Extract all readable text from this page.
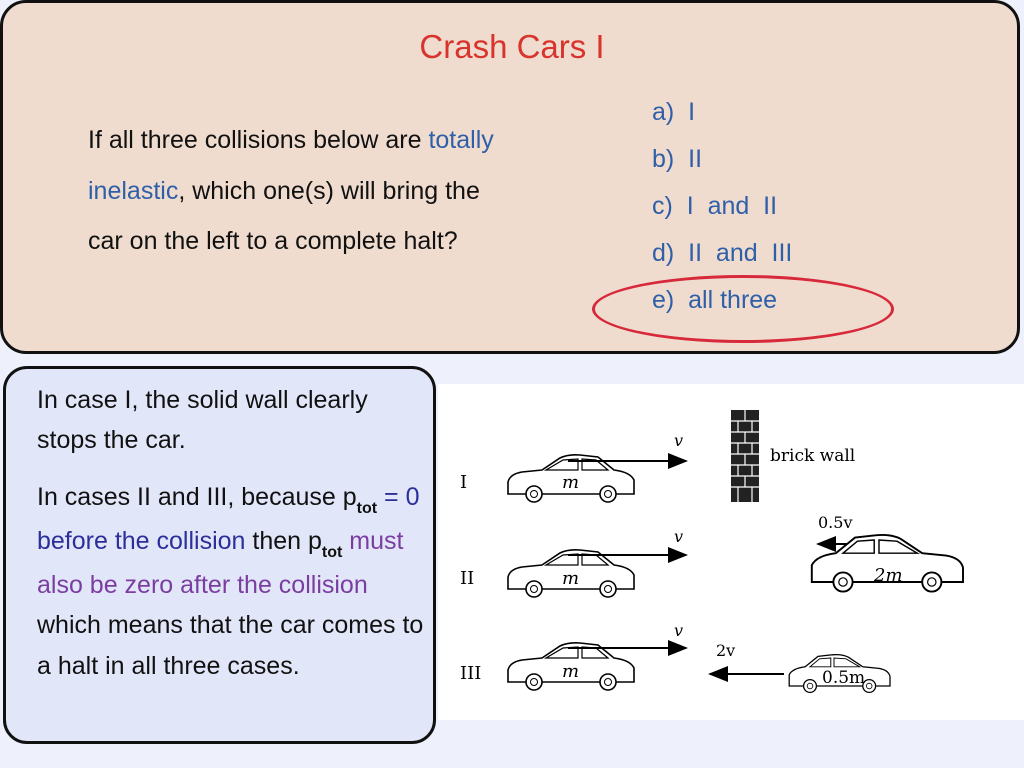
Crash Cars I
If all three collisions below are totally inelastic, which one(s) will bring the car on the left to a complete halt?
a) I
b) II
c) I  and  II
d) II  and  III
e) all three

In case I, the solid wall clearly stops the car.

In cases II and III, because $p_{tot} = 0$ before the collision then $p_{tot}$ must also be zero after the collision which means that the car comes to a halt in all three cases.

I
II
III
m
v
brick wall
m
v
0.5v
2m
m
v
2v
0.5m
